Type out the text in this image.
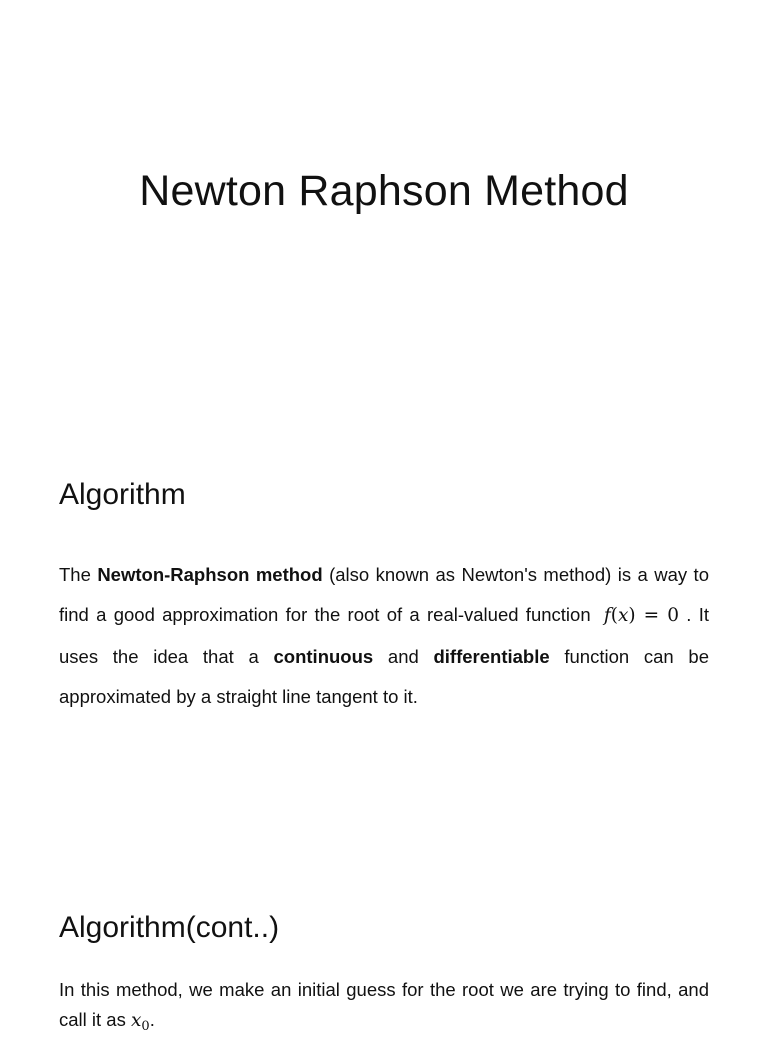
Newton Raphson Method
Algorithm

The Newton-Raphson method (also known as Newton's method) is a way to find a good approximation for the root of a real-valued function f(x) = 0 . It uses the idea that a continuous and differentiable function can be approximated by a straight line tangent to it.

Algorithm(cont..)

In this method, we make an initial guess for the root we are trying to find, and call it as $x_0$.
